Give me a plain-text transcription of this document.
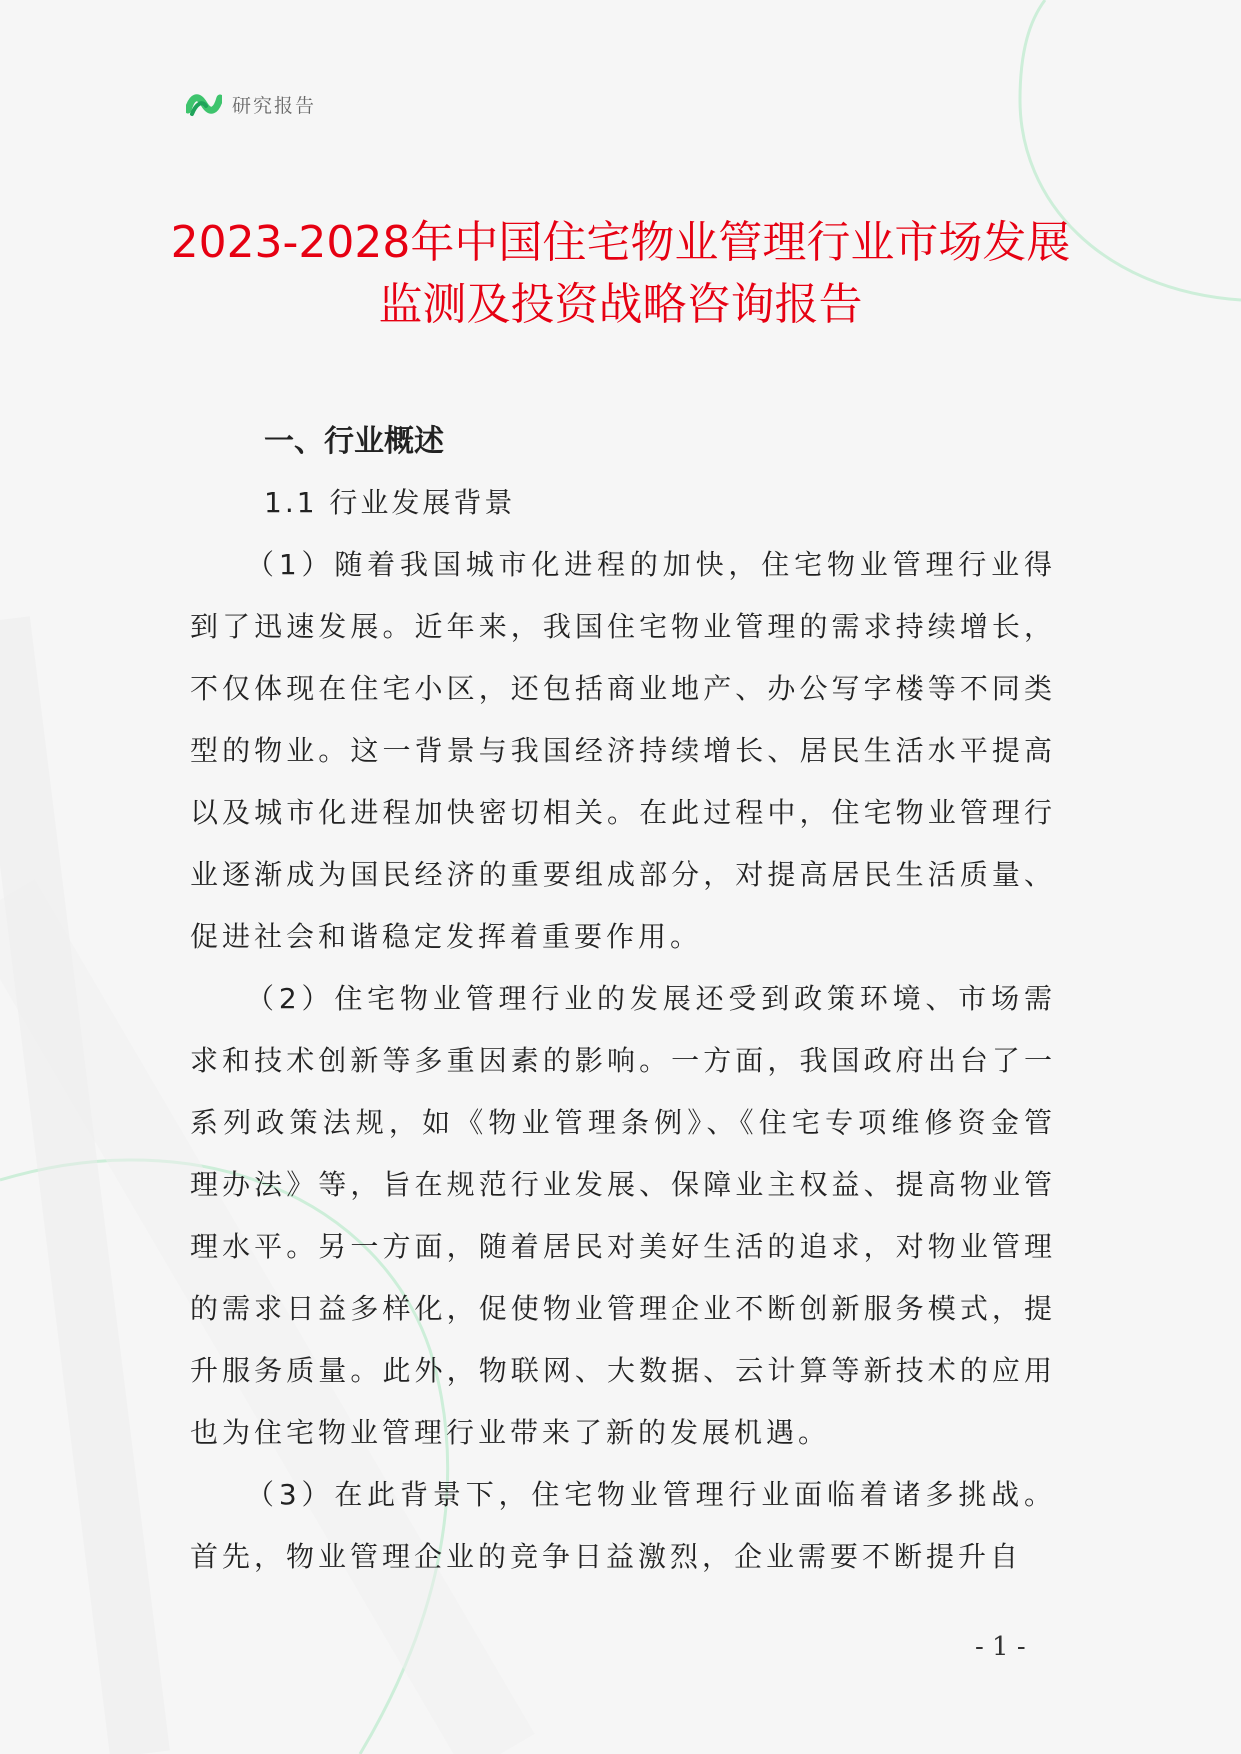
研究报告
2023-2028年中国住宅物业管理行业市场发展监测及投资战略咨询报告
一、行业概述
1.1 行业发展背景

（1）随着我国城市化进程的加快，住宅物业管理行业得到了迅速发展。近年来，我国住宅物业管理的需求持续增长，不仅体现在住宅小区，还包括商业地产、办公写字楼等不同类型的物业。这一背景与我国经济持续增长、居民生活水平提高以及城市化进程加快密切相关。在此过程中，住宅物业管理行业逐渐成为国民经济的重要组成部分，对提高居民生活质量、促进社会和谐稳定发挥着重要作用。

（2）住宅物业管理行业的发展还受到政策环境、市场需求和技术创新等多重因素的影响。一方面，我国政府出台了一系列政策法规，如《物业管理条例》、《住宅专项维修资金管理办法》等，旨在规范行业发展、保障业主权益、提高物业管理水平。另一方面，随着居民对美好生活的追求，对物业管理的需求日益多样化，促使物业管理企业不断创新服务模式，提升服务质量。此外，物联网、大数据、云计算等新技术的应用也为住宅物业管理行业带来了新的发展机遇。

（3）在此背景下，住宅物业管理行业面临着诸多挑战。首先，物业管理企业的竞争日益激烈，企业需要不断提升自

- 1 -
